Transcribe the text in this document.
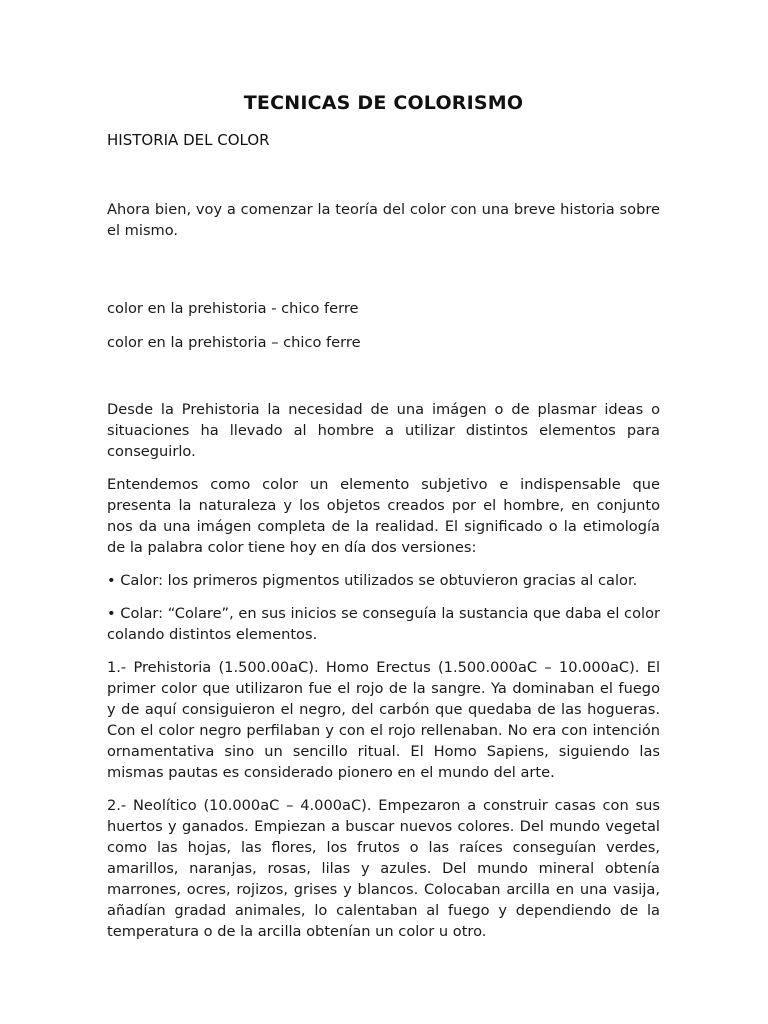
TECNICAS DE COLORISMO
HISTORIA DEL COLOR

Ahora bien, voy a comenzar la teoría del color con una breve historia sobre el mismo.

color en la prehistoria - chico ferre

color en la prehistoria – chico ferre

Desde la Prehistoria la necesidad de una imágen o de plasmar ideas o situaciones ha llevado al hombre a utilizar distintos elementos para conseguirlo.

Entendemos como color un elemento subjetivo e indispensable que presenta la naturaleza y los objetos creados por el hombre, en conjunto nos da una imágen completa de la realidad. El significado o la etimología de la palabra color tiene hoy en día dos versiones:

• Calor: los primeros pigmentos utilizados se obtuvieron gracias al calor.

• Colar: “Colare”, en sus inicios se conseguía la sustancia que daba el color colando distintos elementos.

1.- Prehistoria (1.500.00aC). Homo Erectus (1.500.000aC – 10.000aC). El primer color que utilizaron fue el rojo de la sangre. Ya dominaban el fuego y de aquí consiguieron el negro, del carbón que quedaba de las hogueras. Con el color negro perfilaban y con el rojo rellenaban. No era con intención ornamentativa sino un sencillo ritual. El Homo Sapiens, siguiendo las mismas pautas es considerado pionero en el mundo del arte.

2.- Neolítico (10.000aC – 4.000aC). Empezaron a construir casas con sus huertos y ganados. Empiezan a buscar nuevos colores. Del mundo vegetal como las hojas, las flores, los frutos o las raíces conseguían verdes, amarillos, naranjas, rosas, lilas y azules. Del mundo mineral obtenía marrones, ocres, rojizos, grises y blancos. Colocaban arcilla en una vasija, añadían gradad animales, lo calentaban al fuego y dependiendo de la temperatura o de la arcilla obtenían un color u otro.
